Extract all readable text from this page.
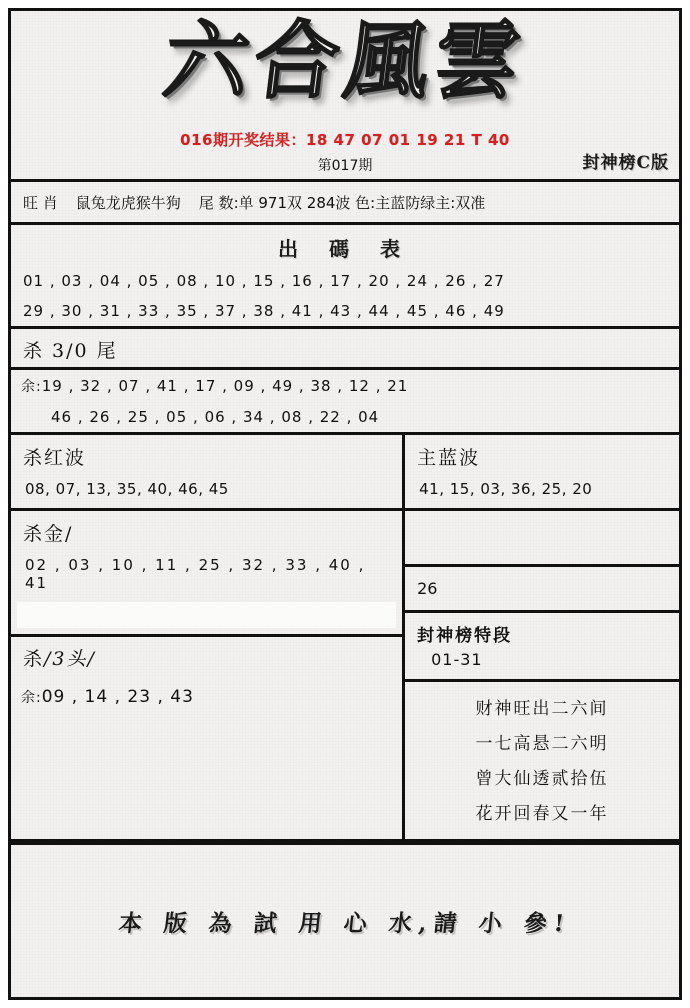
六合風雲
016期开奖结果：18 47 07 01 19 21 T 40
第017期	封神榜C版
旺 肖 鼠兔龙虎猴牛狗 尾 数:单 971双 284波 色:主蓝防绿主:双准
出 碼 表
01 , 03 , 04 , 05 , 08 , 10 , 15 , 16 , 17 , 20 , 24 , 26 , 27
29 , 30 , 31 , 33 , 35 , 37 , 38 , 41 , 43 , 44 , 45 , 46 , 49
杀 3/0 尾
余:19 , 32 , 07 , 41 , 17 , 09 , 49 , 38 , 12 , 21
46 , 26 , 25 , 05 , 06 , 34 , 08 , 22 , 04
杀红波
08, 07, 13, 35, 40, 46, 45
杀金/
02 , 03 , 10 , 11 , 25 , 32 , 33 , 40 , 41
杀/3头/
余:09 , 14 , 23 , 43
主蓝波
41, 15, 03, 36, 25, 20
26
封神榜特段
01-31
财神旺出二六间
一七高悬二六明
曾大仙透贰拾伍
花开回春又一年
本 版 為 試 用 心 水,請 小 參!
